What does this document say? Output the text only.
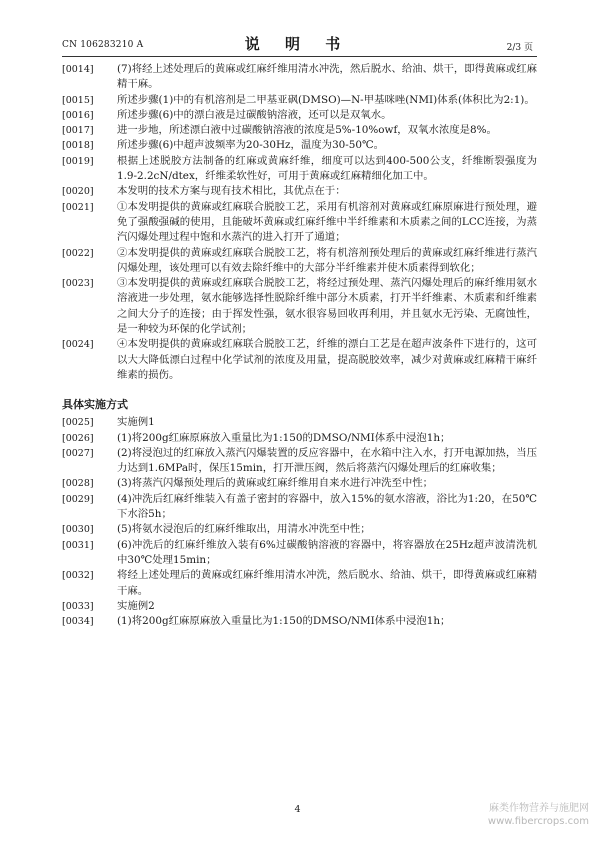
CN 106283210 A	说 明 书	2/3 页
[0014] (7)将经上述处理后的黄麻或红麻纤维用清水冲洗，然后脱水、给油、烘干，即得黄麻或红麻精干麻。
[0015] 所述步骤(1)中的有机溶剂是二甲基亚砜(DMSO)—N-甲基咪唑(NMI)体系(体积比为2:1)。
[0016] 所述步骤(6)中的漂白液是过碳酸钠溶液，还可以是双氧水。
[0017] 进一步地，所述漂白液中过碳酸钠溶液的浓度是5%-10%owf，双氧水浓度是8%。
[0018] 所述步骤(6)中超声波频率为20-30Hz，温度为30-50℃。
[0019] 根据上述脱胶方法制备的红麻或黄麻纤维，细度可以达到400-500公支，纤维断裂强度为1.9-2.2cN/dtex，纤维柔软性好，可用于黄麻或红麻精细化加工中。
[0020] 本发明的技术方案与现有技术相比，其优点在于：
[0021] ①本发明提供的黄麻或红麻联合脱胶工艺，采用有机溶剂对黄麻或红麻原麻进行预处理，避免了强酸强碱的使用，且能破坏黄麻或红麻纤维中半纤维素和木质素之间的LCC连接，为蒸汽闪爆处理过程中饱和水蒸汽的进入打开了通道；
[0022] ②本发明提供的黄麻或红麻联合脱胶工艺，将有机溶剂预处理后的黄麻或红麻纤维进行蒸汽闪爆处理，该处理可以有效去除纤维中的大部分半纤维素并使木质素得到软化；
[0023] ③本发明提供的黄麻或红麻联合脱胶工艺，将经过预处理、蒸汽闪爆处理后的麻纤维用氨水溶液进一步处理，氨水能够选择性脱除纤维中部分木质素，打开半纤维素、木质素和纤维素之间大分子的连接；由于挥发性强，氨水很容易回收再利用，并且氨水无污染、无腐蚀性，是一种较为环保的化学试剂；
[0024] ④本发明提供的黄麻或红麻联合脱胶工艺，纤维的漂白工艺是在超声波条件下进行的，这可以大大降低漂白过程中化学试剂的浓度及用量，提高脱胶效率，减少对黄麻或红麻精干麻纤维素的损伤。
具体实施方式
[0025] 实施例1
[0026] (1)将200g红麻原麻放入重量比为1:150的DMSO/NMI体系中浸泡1h；
[0027] (2)将浸泡过的红麻放入蒸汽闪爆装置的反应容器中，在水箱中注入水，打开电源加热，当压力达到1.6MPa时，保压15min，打开泄压阀，然后将蒸汽闪爆处理后的红麻收集；
[0028] (3)将蒸汽闪爆预处理后的黄麻或红麻纤维用自来水进行冲洗至中性；
[0029] (4)冲洗后红麻纤维装入有盖子密封的容器中，放入15%的氨水溶液，浴比为1:20，在50℃下水浴5h；
[0030] (5)将氨水浸泡后的红麻纤维取出，用清水冲洗至中性；
[0031] (6)冲洗后的红麻纤维放入装有6%过碳酸钠溶液的容器中，将容器放在25Hz超声波清洗机中30℃处理15min；
[0032] 将经上述处理后的黄麻或红麻纤维用清水冲洗，然后脱水、给油、烘干，即得黄麻或红麻精干麻。
[0033] 实施例2
[0034] (1)将200g红麻原麻放入重量比为1:150的DMSO/NMI体系中浸泡1h；
4	麻类作物营养与施肥网
www.fibercrops.com
